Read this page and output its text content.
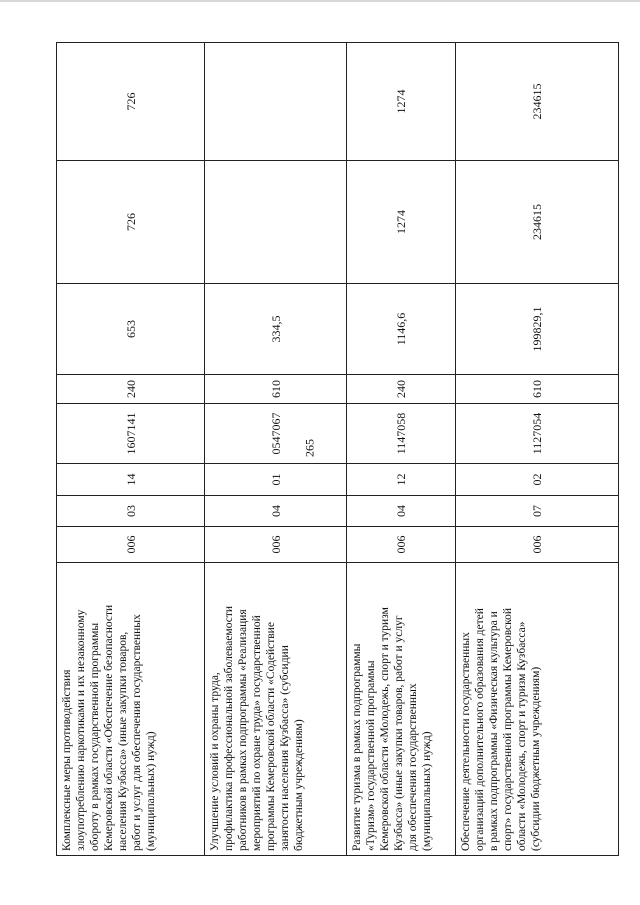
265
Комплексные меры противодействия
злоупотреблению наркотиками и их незаконному
обороту в рамках государственной программы
Кемеровской области «Обеспечение безопасности
населения Кузбасса» (иные закупки товаров,
работ и услуг для обеспечения государственных
(муниципальных) нужд)
006
03
14
1607141
240
653
726
726
Улучшение условий и охраны труда,
профилактика профессиональной заболеваемости
работников в рамках подпрограммы «Реализация
мероприятий по охране труда» государственной
программы Кемеровской области «Содействие
занятости населения Кузбасса» (субсидии
бюджетным учреждениям)
006
04
01
0547067
610
334,5
Развитие туризма в рамках подпрограммы
«Туризм» государственной программы
Кемеровской области «Молодежь, спорт и туризм
Кузбасса» (иные закупки товаров, работ и услуг
для обеспечения государственных
(муниципальных) нужд)
006
04
12
1147058
240
1146,6
1274
1274
Обеспечение деятельности государственных
организаций дополнительного образования детей
в рамках подпрограммы «Физическая культура и
спорт» государственной программы Кемеровской
области «Молодежь, спорт и туризм Кузбасса»
(субсидии бюджетным учреждениям)
006
07
02
1127054
610
199829,1
234615
234615
